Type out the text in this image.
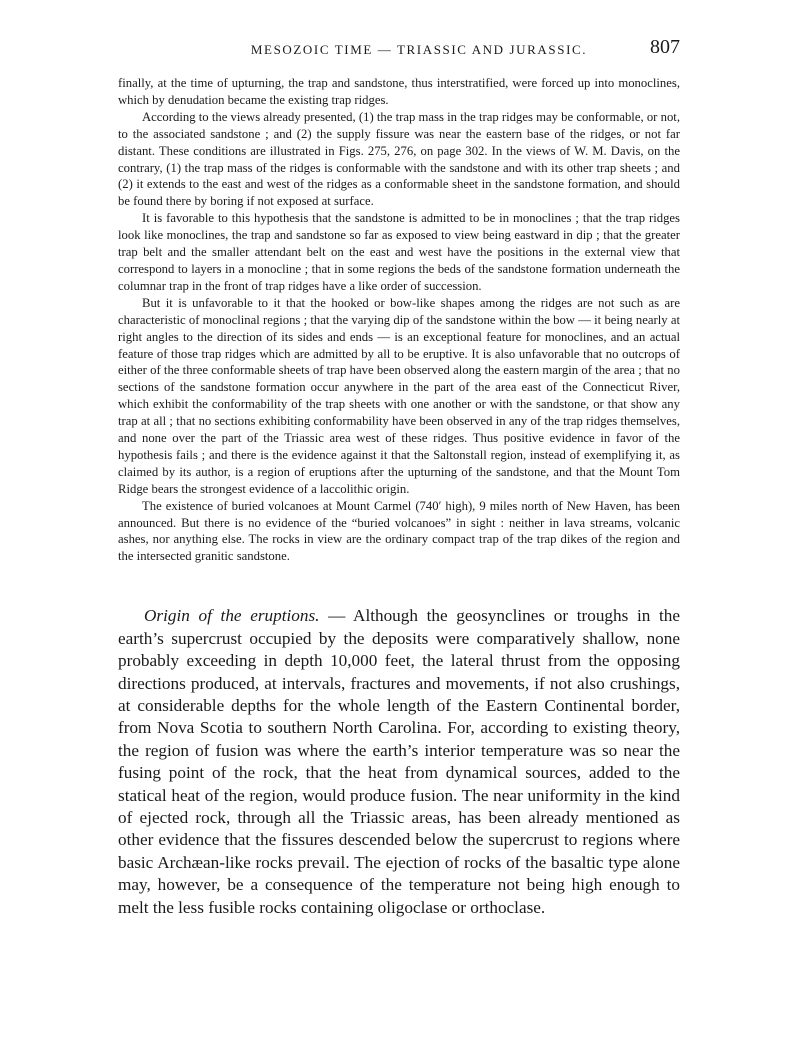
MESOZOIC TIME — TRIASSIC AND JURASSIC.	807

finally, at the time of upturning, the trap and sandstone, thus interstratified, were forced up into monoclines, which by denudation became the existing trap ridges.

According to the views already presented, (1) the trap mass in the trap ridges may be conformable, or not, to the associated sandstone ; and (2) the supply fissure was near the eastern base of the ridges, or not far distant. These conditions are illustrated in Figs. 275, 276, on page 302. In the views of W. M. Davis, on the contrary, (1) the trap mass of the ridges is conformable with the sandstone and with its other trap sheets ; and (2) it extends to the east and west of the ridges as a conformable sheet in the sandstone formation, and should be found there by boring if not exposed at surface.

It is favorable to this hypothesis that the sandstone is admitted to be in monoclines ; that the trap ridges look like monoclines, the trap and sandstone so far as exposed to view being eastward in dip ; that the greater trap belt and the smaller attendant belt on the east and west have the positions in the external view that correspond to layers in a monocline ; that in some regions the beds of the sandstone formation underneath the columnar trap in the front of trap ridges have a like order of succession.

But it is unfavorable to it that the hooked or bow-like shapes among the ridges are not such as are characteristic of monoclinal regions ; that the varying dip of the sandstone within the bow — it being nearly at right angles to the direction of its sides and ends — is an exceptional feature for monoclines, and an actual feature of those trap ridges which are admitted by all to be eruptive. It is also unfavorable that no outcrops of either of the three conformable sheets of trap have been observed along the eastern margin of the area ; that no sections of the sandstone formation occur anywhere in the part of the area east of the Connecticut River, which exhibit the conformability of the trap sheets with one another or with the sandstone, or that show any trap at all ; that no sections exhibiting conformability have been observed in any of the trap ridges themselves, and none over the part of the Triassic area west of these ridges. Thus positive evidence in favor of the hypothesis fails ; and there is the evidence against it that the Saltonstall region, instead of exemplifying it, as claimed by its author, is a region of eruptions after the upturning of the sandstone, and that the Mount Tom Ridge bears the strongest evidence of a laccolithic origin.

The existence of buried volcanoes at Mount Carmel (740′ high), 9 miles north of New Haven, has been announced. But there is no evidence of the “buried volcanoes” in sight : neither in lava streams, volcanic ashes, nor anything else. The rocks in view are the ordinary compact trap of the trap dikes of the region and the intersected granitic sandstone.

Origin of the eruptions. — Although the geosynclines or troughs in the earth’s supercrust occupied by the deposits were comparatively shallow, none probably exceeding in depth 10,000 feet, the lateral thrust from the opposing directions produced, at intervals, fractures and movements, if not also crushings, at considerable depths for the whole length of the Eastern Continental border, from Nova Scotia to southern North Carolina. For, according to existing theory, the region of fusion was where the earth’s interior temperature was so near the fusing point of the rock, that the heat from dynamical sources, added to the statical heat of the region, would produce fusion. The near uniformity in the kind of ejected rock, through all the Triassic areas, has been already mentioned as other evidence that the fissures descended below the supercrust to regions where basic Archæan-like rocks prevail. The ejection of rocks of the basaltic type alone may, however, be a consequence of the temperature not being high enough to melt the less fusible rocks containing oligoclase or orthoclase.
